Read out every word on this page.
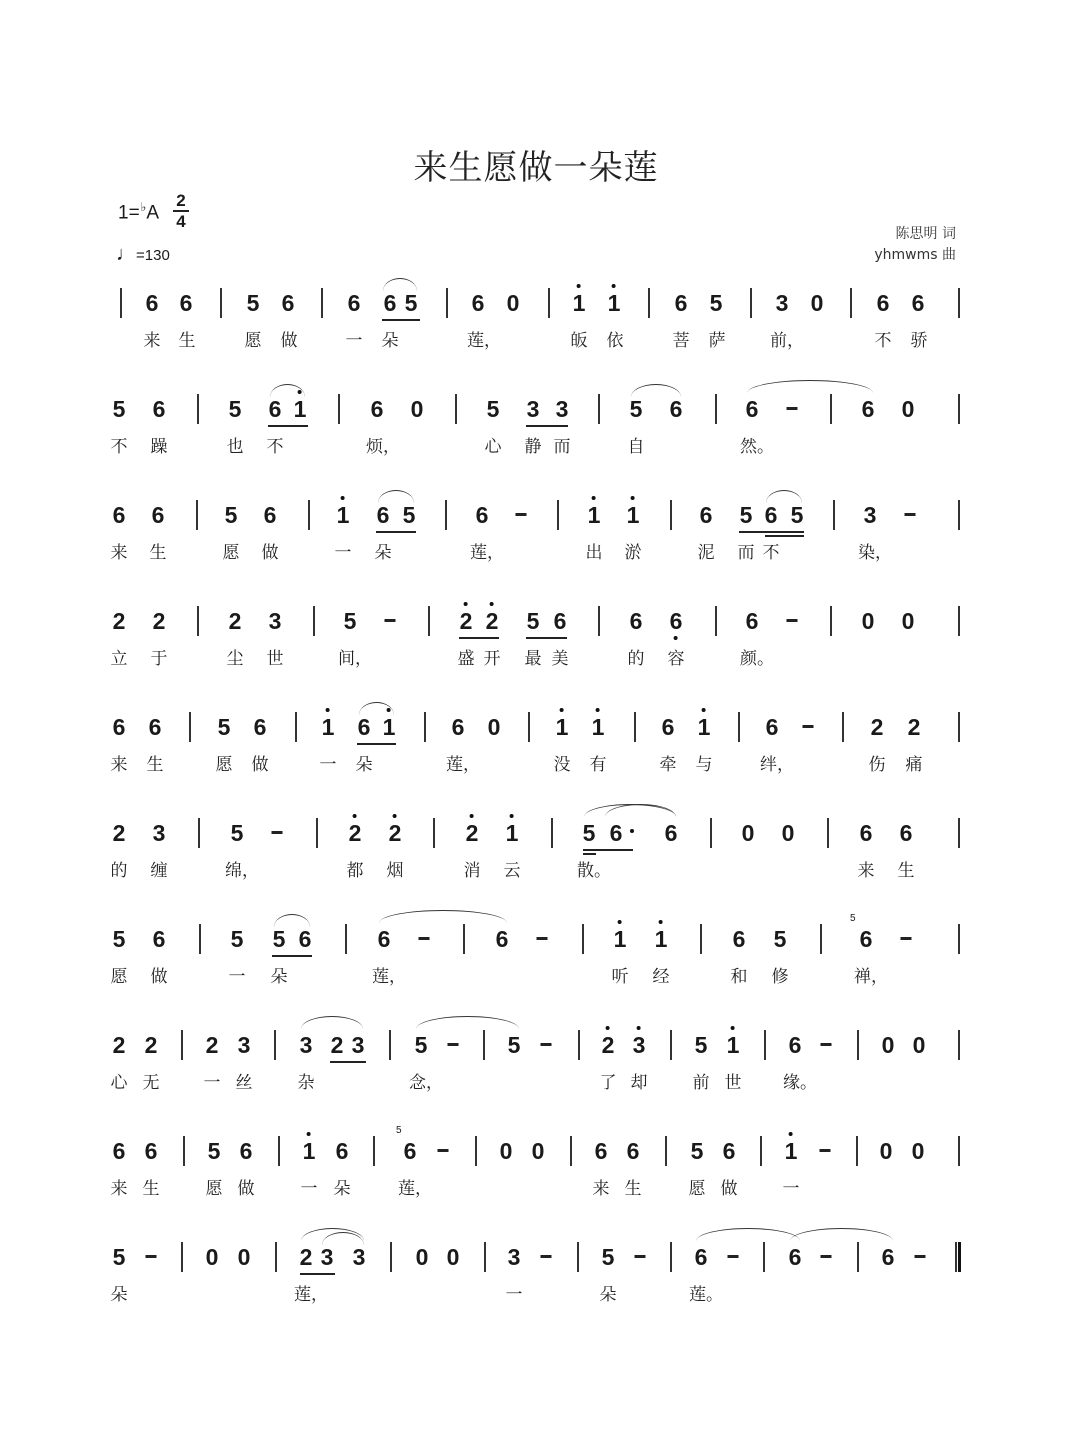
来生愿做一朵莲
1=♭A
2
4
♩=130
陈思明 词
yhmwms 曲
6 6 5 6 6 6 5 6 0 1 1 6 5 3 0 6 6
来 生	愿 做	一 朵	莲，	皈 依	菩 萨	前，	不 骄
5 6	5 6 1	6 0	5 3 3	5 6	6	6 0
不 躁	也 不	烦，	心 静 而	自	然。
6 6	5 6	1 6 5	6	1 1	6 5 6 5	3
来 生	愿 做	一 朵	莲，	出 淤	泥 而 不	染，
2 2	2 3	5	2 2 5 6	6 6	6	0 0
立 于	尘 世	间，	盛 开 最 美	的 容	颜。
6 6 5 6 1 6 1 6 0 1 1 6 1 6	2 2
来 生	愿 做	一 朵	莲，	没 有	牵 与	绊，	伤 痛
2 3	5	2 2	2 1	5 6 6	0 0	6 6
的 缠	绵，	都 烟	消 云	散。	来 生
5 6	5 5 6	6	6	1 1	6 5	6
5
愿 做	一 朵	莲，	听 经	和 修	禅，
2 2 2 3 3 2 3 5	5	2 3 5 1 6	0 0
心 无	一 丝	杂	念，	了 却	前 世 缘。
6 6 5 6 1 6 6	0 0 6 6 5 6 1	0 0
5
来 生	愿 做	一 朵	莲，	来 生	愿 做	一
5	0 0 2 3 3 0 0 3	5	6	6	6
朵	莲，	一	朵	莲。
